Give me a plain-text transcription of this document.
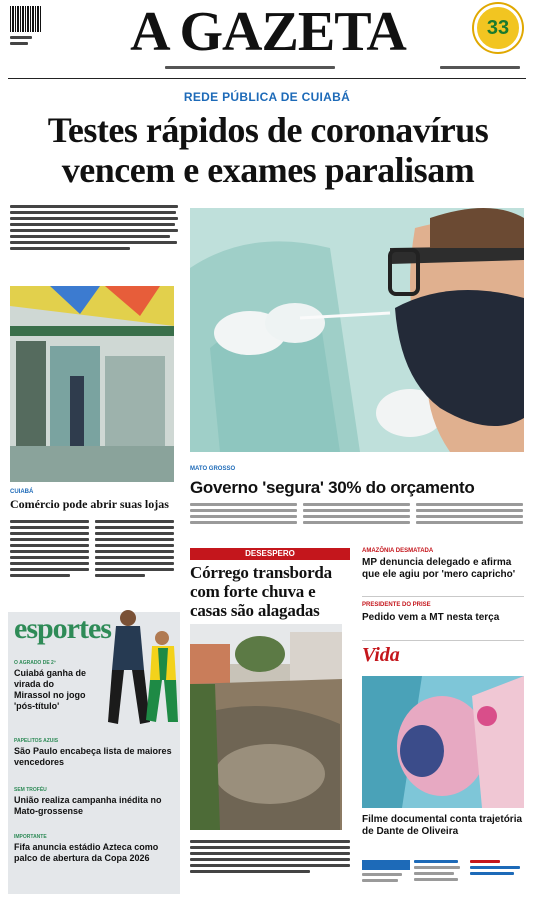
A GAZETA	33
REDE PÚBLICA DE CUIABÁ
Testes rápidos de coronavírus
vencem e exames paralisam
CUIABÁ
Comércio pode abrir suas lojas
MATO GROSSO
Governo 'segura' 30% do orçamento
DESESPERO
Córrego transborda com forte chuva e casas são alagadas
AMAZÔNIA DESMATADA
MP denuncia delegado e afirma que ele agiu por 'mero capricho'
PRESIDENTE DO PRISE
Pedido vem a MT nesta terça
Vida
Filme documental conta trajetória de Dante de Oliveira
esportes
O AGRADO DE 2º
Cuiabá ganha de virada do Mirassol no jogo 'pós-título'
PAPELITOS AZUIS
São Paulo encabeça lista de maiores vencedores
SEM TROFÉU
União realiza campanha inédita no Mato-grossense
IMPORTANTE
Fifa anuncia estádio Azteca como palco de abertura da Copa 2026
